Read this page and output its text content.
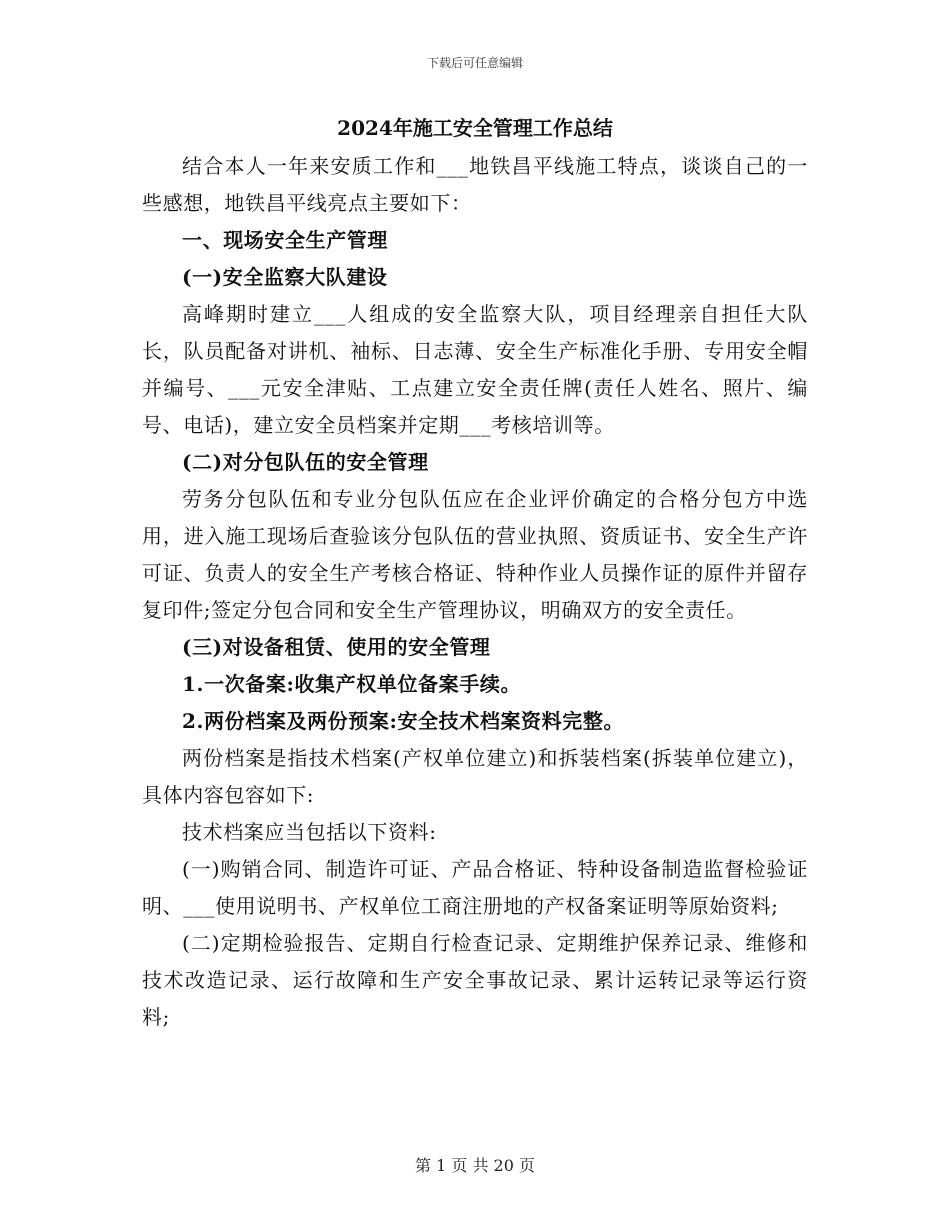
下载后可任意编辑
2024年施工安全管理工作总结

结合本人一年来安质工作和___地铁昌平线施工特点，谈谈自己的一些感想，地铁昌平线亮点主要如下：

一、现场安全生产管理

(一)安全监察大队建设

高峰期时建立___人组成的安全监察大队，项目经理亲自担任大队长，队员配备对讲机、袖标、日志薄、安全生产标准化手册、专用安全帽并编号、___元安全津贴、工点建立安全责任牌(责任人姓名、照片、编号、电话)，建立安全员档案并定期___考核培训等。

(二)对分包队伍的安全管理

劳务分包队伍和专业分包队伍应在企业评价确定的合格分包方中选用，进入施工现场后查验该分包队伍的营业执照、资质证书、安全生产许可证、负责人的安全生产考核合格证、特种作业人员操作证的原件并留存复印件;签定分包合同和安全生产管理协议，明确双方的安全责任。

(三)对设备租赁、使用的安全管理

1.一次备案:收集产权单位备案手续。

2.两份档案及两份预案:安全技术档案资料完整。

两份档案是指技术档案(产权单位建立)和拆装档案(拆装单位建立)，具体内容包容如下:

技术档案应当包括以下资料:

(一)购销合同、制造许可证、产品合格证、特种设备制造监督检验证明、___使用说明书、产权单位工商注册地的产权备案证明等原始资料;

(二)定期检验报告、定期自行检查记录、定期维护保养记录、维修和技术改造记录、运行故障和生产安全事故记录、累计运转记录等运行资料;

第 1 页 共 20 页
